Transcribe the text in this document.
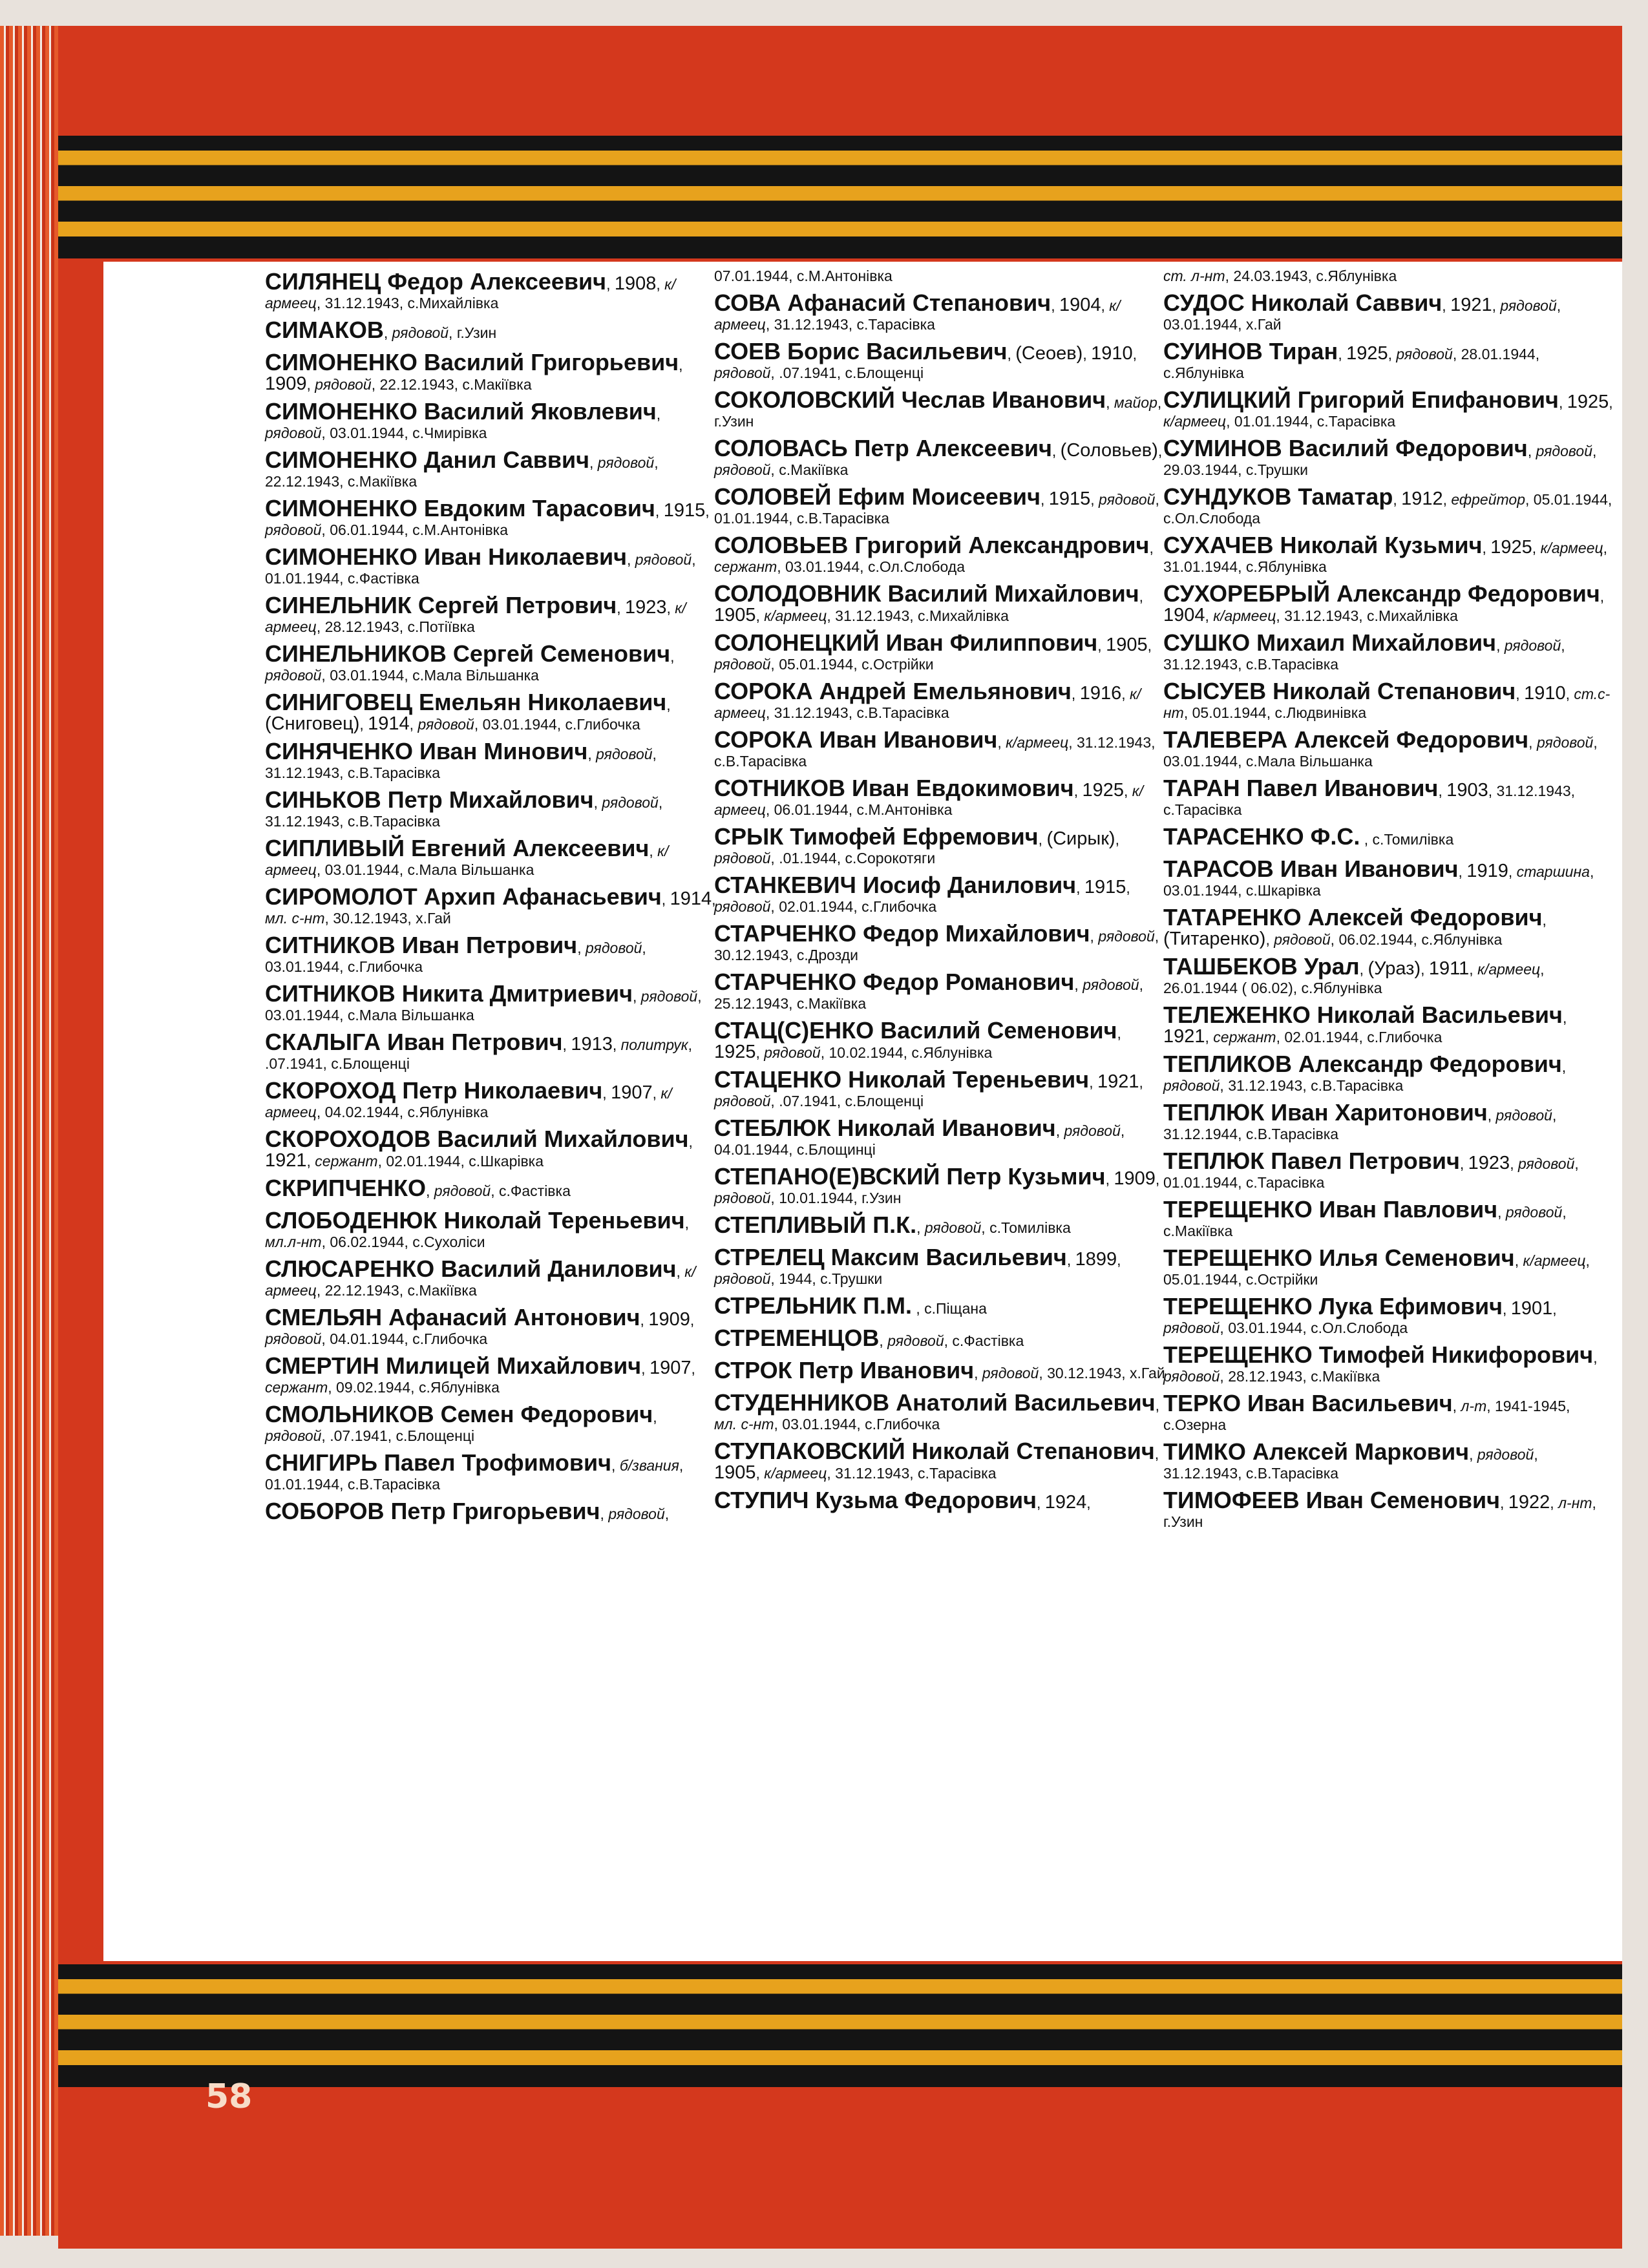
СИЛЯНЕЦ Федор Алексеевич, 1908, к/армеец, 31.12.1943, с.Михайлівка
СИМАКОВ, рядовой, г.Узин
СИМОНЕНКО Василий Григорьевич, 1909, рядовой, 22.12.1943, с.Макіївка
СИМОНЕНКО Василий Яковлевич, рядовой, 03.01.1944, с.Чмирівка
СИМОНЕНКО Данил Саввич, рядовой, 22.12.1943, с.Макіївка
СИМОНЕНКО Евдоким Тарасович, 1915, рядовой, 06.01.1944, с.М.Антонівка
СИМОНЕНКО Иван Николаевич, рядовой, 01.01.1944, с.Фастівка
СИНЕЛЬНИК Сергей Петрович, 1923, к/армеец, 28.12.1943, с.Потіївка
СИНЕЛЬНИКОВ Сергей Семенович, рядовой, 03.01.1944, с.Мала Вільшанка
СИНИГОВЕЦ Емельян Николаевич, (Сниговец), 1914, рядовой, 03.01.1944, с.Глибочка
СИНЯЧЕНКО Иван Минович, рядовой, 31.12.1943, с.В.Тарасівка
СИНЬКОВ Петр Михайлович, рядовой, 31.12.1943, с.В.Тарасівка
СИПЛИВЫЙ Евгений Алексеевич, к/армеец, 03.01.1944, с.Мала Вільшанка
СИРОМОЛОТ Архип Афанасьевич, 1914, мл. с-нт, 30.12.1943, х.Гай
СИТНИКОВ Иван Петрович, рядовой, 03.01.1944, с.Глибочка
СИТНИКОВ Никита Дмитриевич, рядовой, 03.01.1944, с.Мала Вільшанка
СКАЛЫГА Иван Петрович, 1913, политрук, .07.1941, с.Блощенці
СКОРОХОД Петр Николаевич, 1907, к/армеец, 04.02.1944, с.Яблунівка
СКОРОХОДОВ Василий Михайлович, 1921, сержант, 02.01.1944, с.Шкарівка
СКРИПЧЕНКО, рядовой, с.Фастівка
СЛОБОДЕНЮК Николай Тереньевич, мл.л-нт, 06.02.1944, с.Сухоліси
СЛЮСАРЕНКО Василий Данилович, к/армеец, 22.12.1943, с.Макіївка
СМЕЛЬЯН Афанасий Антонович, 1909, рядовой, 04.01.1944, с.Глибочка
СМЕРТИН Милицей Михайлович, 1907, сержант, 09.02.1944, с.Яблунівка
СМОЛЬНИКОВ Семен Федорович, рядовой, .07.1941, с.Блощенці
СНИГИРЬ Павел Трофимович, б/звания, 01.01.1944, с.В.Тарасівка
СОБОРОВ Петр Григорьевич, рядовой,
07.01.1944, с.М.Антонівка
СОВА Афанасий Степанович, 1904, к/армеец, 31.12.1943, с.Тарасівка
СОЕВ Борис Васильевич, (Сеоев), 1910, рядовой, .07.1941, с.Блощенці
СОКОЛОВСКИЙ Чеслав Иванович, майор, г.Узин
СОЛОВАСЬ Петр Алексеевич, (Соловьев), рядовой, с.Макіївка
СОЛОВЕЙ Ефим Моисеевич, 1915, рядовой, 01.01.1944, с.В.Тарасівка
СОЛОВЬЕВ Григорий Александрович, сержант, 03.01.1944, с.Ол.Слобода
СОЛОДОВНИК Василий Михайлович, 1905, к/армеец, 31.12.1943, с.Михайлівка
СОЛОНЕЦКИЙ Иван Филиппович, 1905, рядовой, 05.01.1944, с.Острійки
СОРОКА Андрей Емельянович, 1916, к/армеец, 31.12.1943, с.В.Тарасівка
СОРОКА Иван Иванович, к/армеец, 31.12.1943, с.В.Тарасівка
СОТНИКОВ Иван Евдокимович, 1925, к/армеец, 06.01.1944, с.М.Антонівка
СРЫК Тимофей Ефремович, (Сирык), рядовой, .01.1944, с.Сорокотяги
СТАНКЕВИЧ Иосиф Данилович, 1915, рядовой, 02.01.1944, с.Глибочка
СТАРЧЕНКО Федор Михайлович, рядовой, 30.12.1943, с.Дрозди
СТАРЧЕНКО Федор Романович, рядовой, 25.12.1943, с.Макіївка
СТАЦ(С)ЕНКО Василий Семенович, 1925, рядовой, 10.02.1944, с.Яблунівка
СТАЦЕНКО Николай Тереньевич, 1921, рядовой, .07.1941, с.Блощенці
СТЕБЛЮК Николай Иванович, рядовой, 04.01.1944, с.Блощинці
СТЕПАНО(Е)ВСКИЙ Петр Кузьмич, 1909, рядовой, 10.01.1944, г.Узин
СТЕПЛИВЫЙ П.К., рядовой, с.Томилівка
СТРЕЛЕЦ Максим Васильевич, 1899, рядовой, 1944, с.Трушки
СТРЕЛЬНИК П.М. , с.Піщана
СТРЕМЕНЦОВ, рядовой, с.Фастівка
СТРОК Петр Иванович, рядовой, 30.12.1943, х.Гай
СТУДЕННИКОВ Анатолий Васильевич, мл. с-нт, 03.01.1944, с.Глибочка
СТУПАКОВСКИЙ Николай Степанович, 1905, к/армеец, 31.12.1943, с.Тарасівка
СТУПИЧ Кузьма Федорович, 1924,
ст. л-нт, 24.03.1943, с.Яблунівка
СУДОС Николай Саввич, 1921, рядовой, 03.01.1944, х.Гай
СУИНОВ Тиран, 1925, рядовой, 28.01.1944, с.Яблунівка
СУЛИЦКИЙ Григорий Епифанович, 1925, к/армеец, 01.01.1944, с.Тарасівка
СУМИНОВ Василий Федорович, рядовой, 29.03.1944, с.Трушки
СУНДУКОВ Таматар, 1912, ефрейтор, 05.01.1944, с.Ол.Слобода
СУХАЧЕВ Николай Кузьмич, 1925, к/армеец, 31.01.1944, с.Яблунівка
СУХОРЕБРЫЙ Александр Федорович, 1904, к/армеец, 31.12.1943, с.Михайлівка
СУШКО Михаил Михайлович, рядовой, 31.12.1943, с.В.Тарасівка
СЫСУЕВ Николай Степанович, 1910, ст.с-нт, 05.01.1944, с.Людвинівка
ТАЛЕВЕРА Алексей Федорович, рядовой, 03.01.1944, с.Мала Вільшанка
ТАРАН Павел Иванович, 1903, 31.12.1943, с.Тарасівка
ТАРАСЕНКО Ф.С. , с.Томилівка
ТАРАСОВ Иван Иванович, 1919, старшина, 03.01.1944, с.Шкарівка
ТАТАРЕНКО Алексей Федорович, (Титаренко), рядовой, 06.02.1944, с.Яблунівка
ТАШБЕКОВ Урал, (Ураз), 1911, к/армеец, 26.01.1944 ( 06.02), с.Яблунівка
ТЕЛЕЖЕНКО Николай Васильевич, 1921, сержант, 02.01.1944, с.Глибочка
ТЕПЛИКОВ Александр Федорович, рядовой, 31.12.1943, с.В.Тарасівка
ТЕПЛЮК Иван Харитонович, рядовой, 31.12.1944, с.В.Тарасівка
ТЕПЛЮК Павел Петрович, 1923, рядовой, 01.01.1944, с.Тарасівка
ТЕРЕЩЕНКО Иван Павлович, рядовой, с.Макіївка
ТЕРЕЩЕНКО Илья Семенович, к/армеец, 05.01.1944, с.Острійки
ТЕРЕЩЕНКО Лука Ефимович, 1901, рядовой, 03.01.1944, с.Ол.Слобода
ТЕРЕЩЕНКО Тимофей Никифорович, рядовой, 28.12.1943, с.Макіївка
ТЕРКО Иван Васильевич, л-т, 1941-1945, с.Озерна
ТИМКО Алексей Маркович, рядовой, 31.12.1943, с.В.Тарасівка
ТИМОФЕЕВ Иван Семенович, 1922, л-нт, г.Узин
58
